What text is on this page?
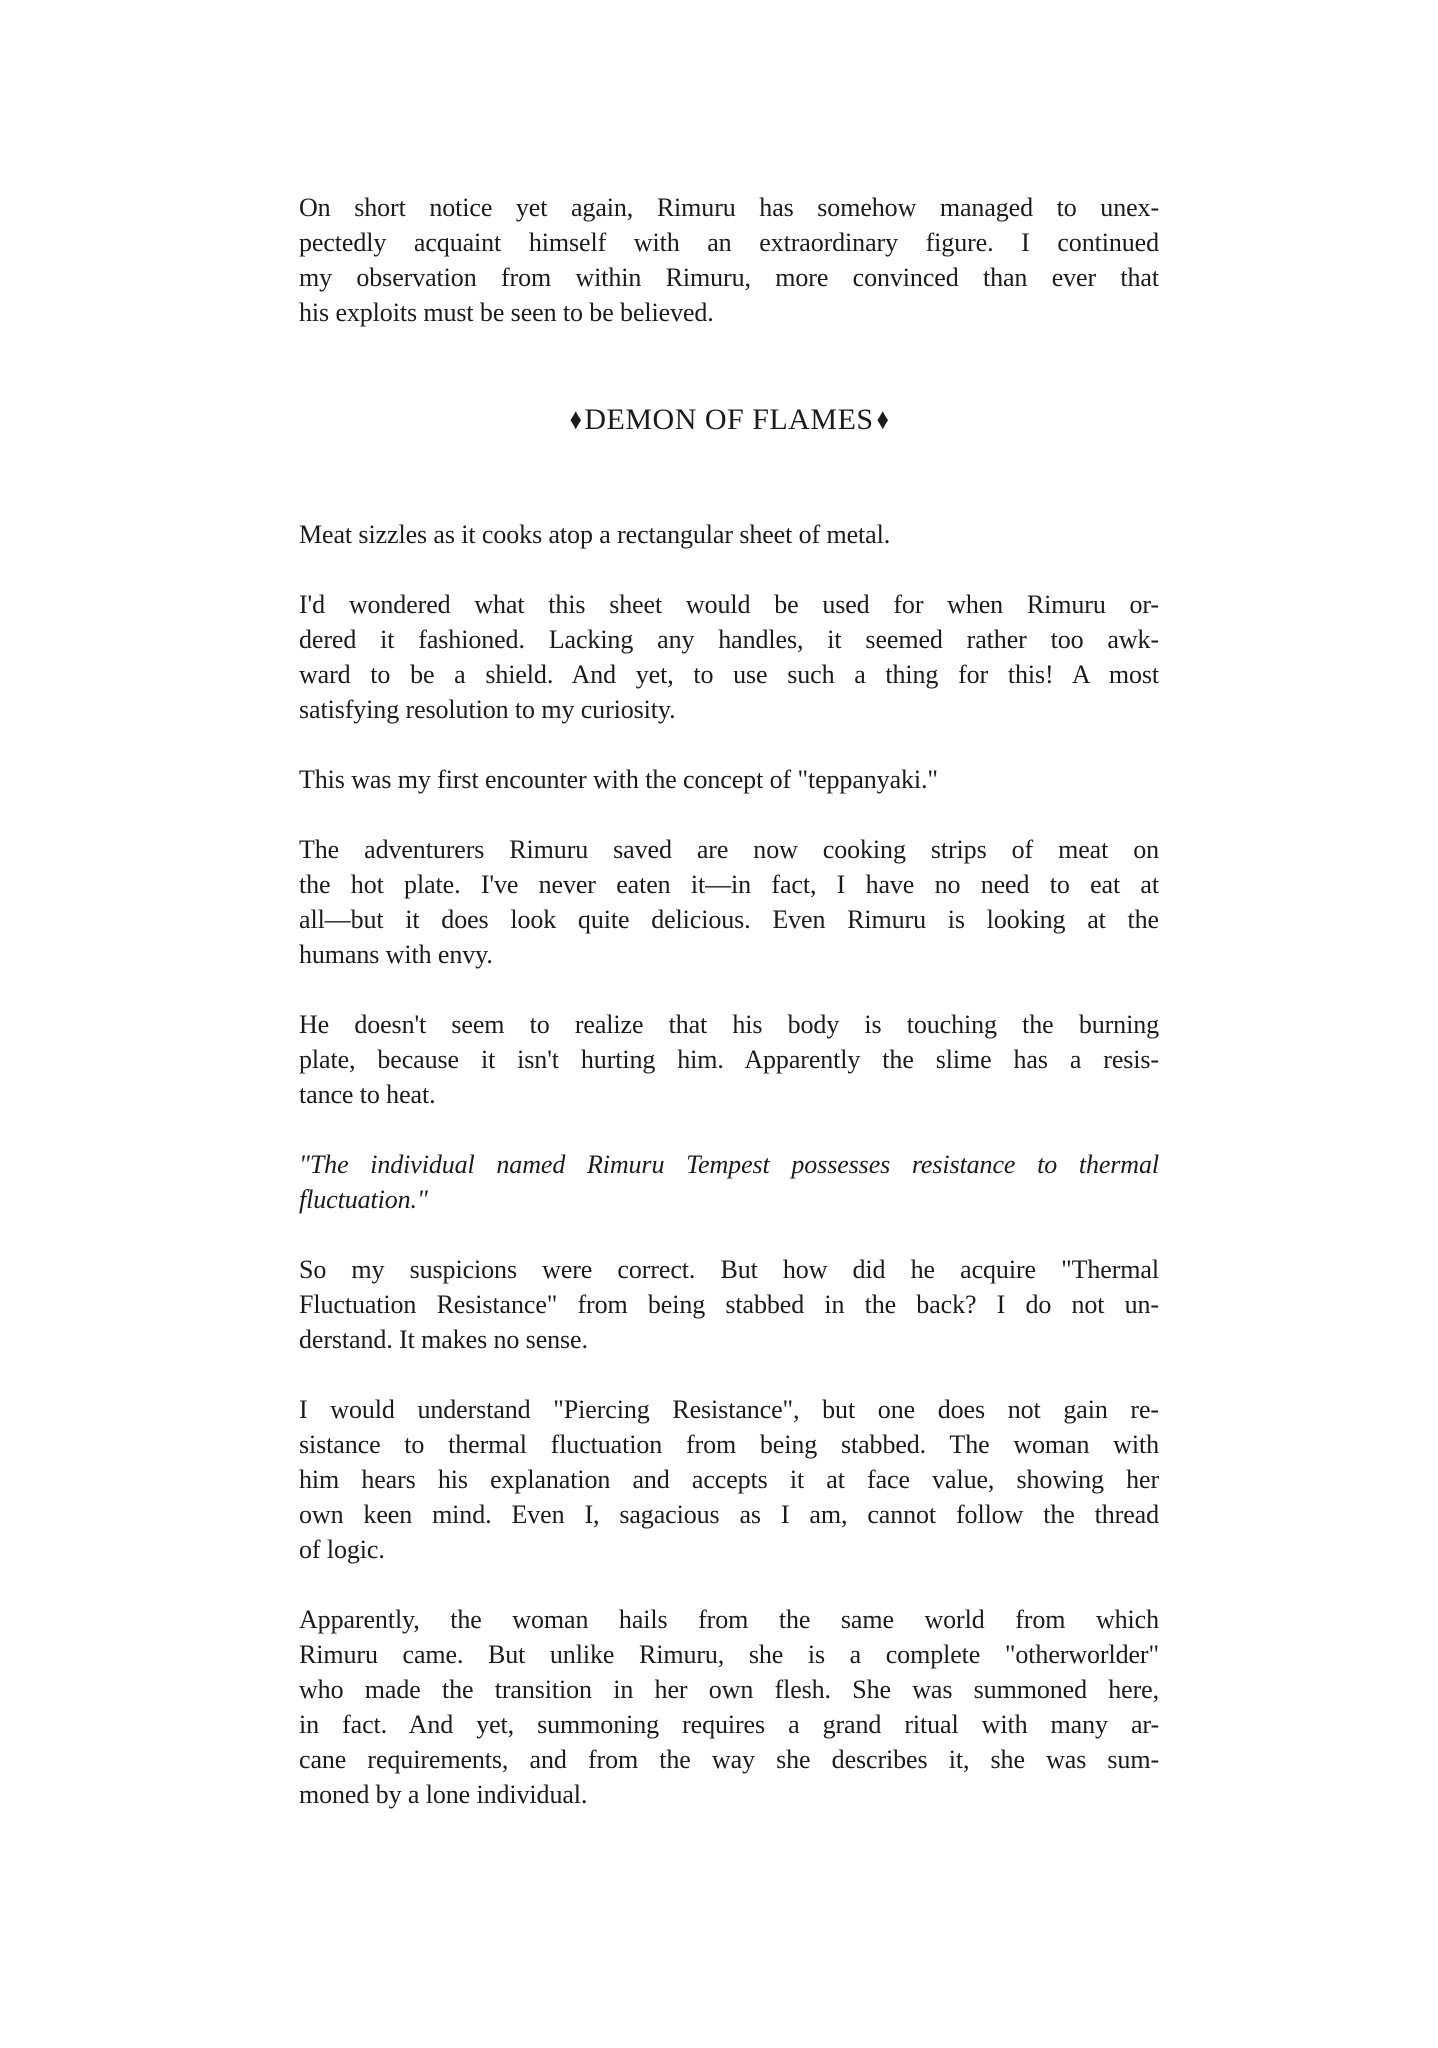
On short notice yet again, Rimuru has somehow managed to unex-
pectedly acquaint himself with an extraordinary figure. I continued
my observation from within Rimuru, more convinced than ever that
his exploits must be seen to be believed.
♦DEMON OF FLAMES♦
Meat sizzles as it cooks atop a rectangular sheet of metal.
I'd wondered what this sheet would be used for when Rimuru or-
dered it fashioned. Lacking any handles, it seemed rather too awk-
ward to be a shield. And yet, to use such a thing for this! A most
satisfying resolution to my curiosity.
This was my first encounter with the concept of "teppanyaki."
The adventurers Rimuru saved are now cooking strips of meat on
the hot plate. I've never eaten it—in fact, I have no need to eat at
all—but it does look quite delicious. Even Rimuru is looking at the
humans with envy.
He doesn't seem to realize that his body is touching the burning
plate, because it isn't hurting him. Apparently the slime has a resis-
tance to heat.
"The individual named Rimuru Tempest possesses resistance to thermal
fluctuation."
So my suspicions were correct. But how did he acquire "Thermal
Fluctuation Resistance" from being stabbed in the back? I do not un-
derstand. It makes no sense.
I would understand "Piercing Resistance", but one does not gain re-
sistance to thermal fluctuation from being stabbed. The woman with
him hears his explanation and accepts it at face value, showing her
own keen mind. Even I, sagacious as I am, cannot follow the thread
of logic.
Apparently, the woman hails from the same world from which
Rimuru came. But unlike Rimuru, she is a complete "otherworlder"
who made the transition in her own flesh. She was summoned here,
in fact. And yet, summoning requires a grand ritual with many ar-
cane requirements, and from the way she describes it, she was sum-
moned by a lone individual.
